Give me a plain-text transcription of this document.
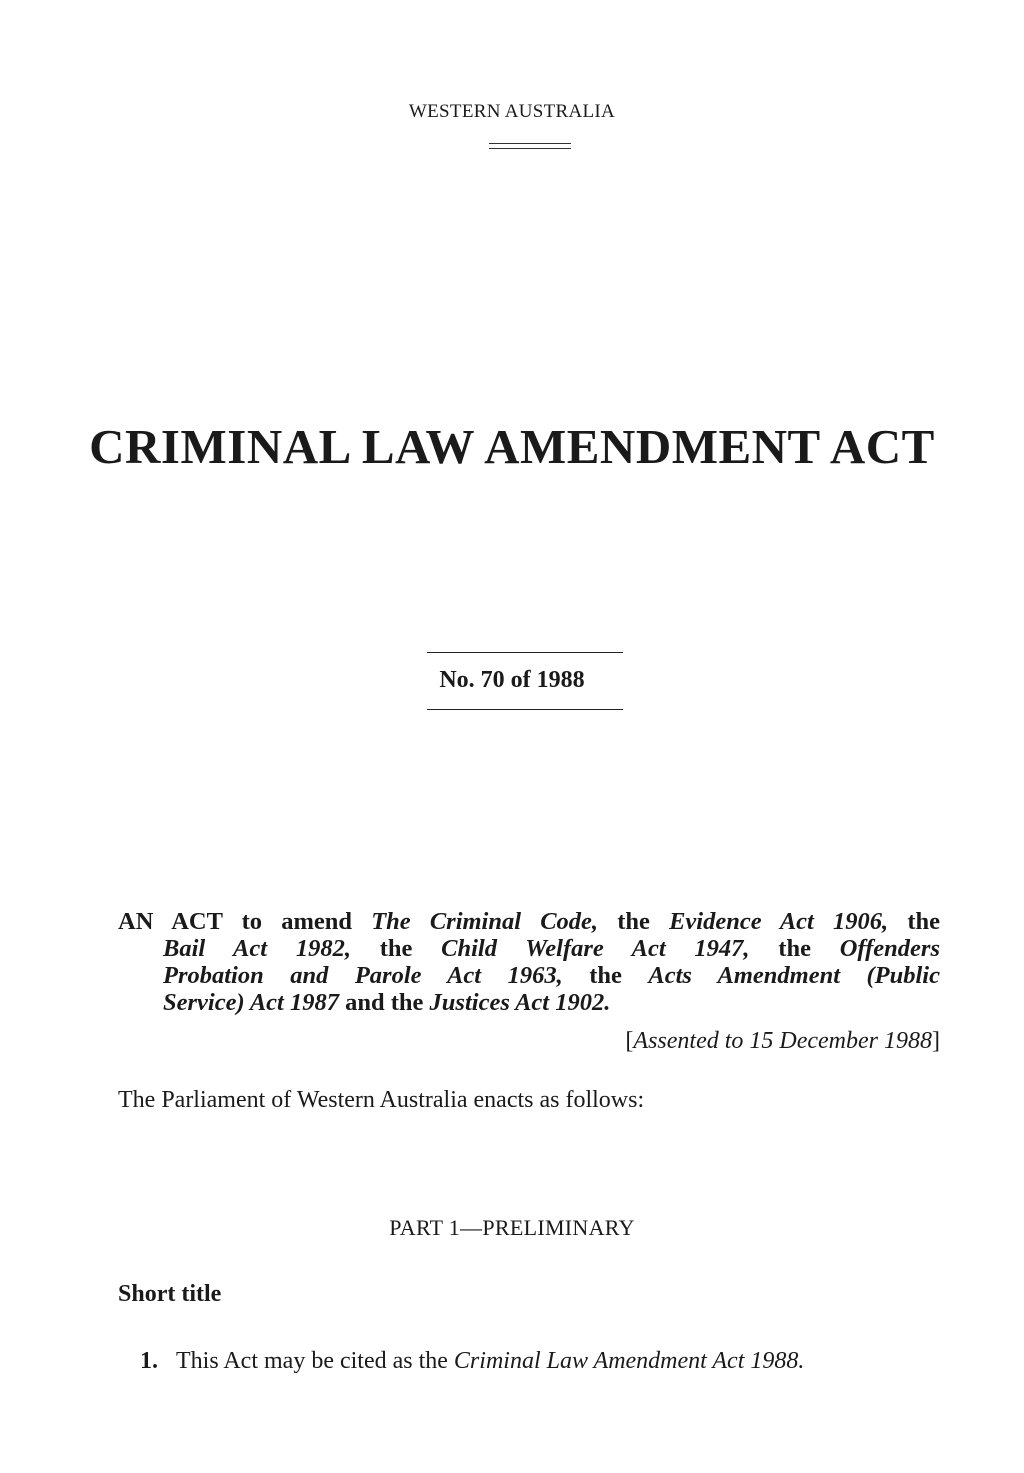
WESTERN AUSTRALIA
CRIMINAL LAW AMENDMENT ACT
No. 70 of 1988
AN ACT to amend The Criminal Code, the Evidence Act 1906, the
Bail Act 1982, the Child Welfare Act 1947, the Offenders
Probation and Parole Act 1963, the Acts Amendment (Public
Service) Act 1987 and the Justices Act 1902.
[Assented to 15 December 1988]
The Parliament of Western Australia enacts as follows:
PART 1—PRELIMINARY
Short title
1. This Act may be cited as the Criminal Law Amendment Act 1988.
